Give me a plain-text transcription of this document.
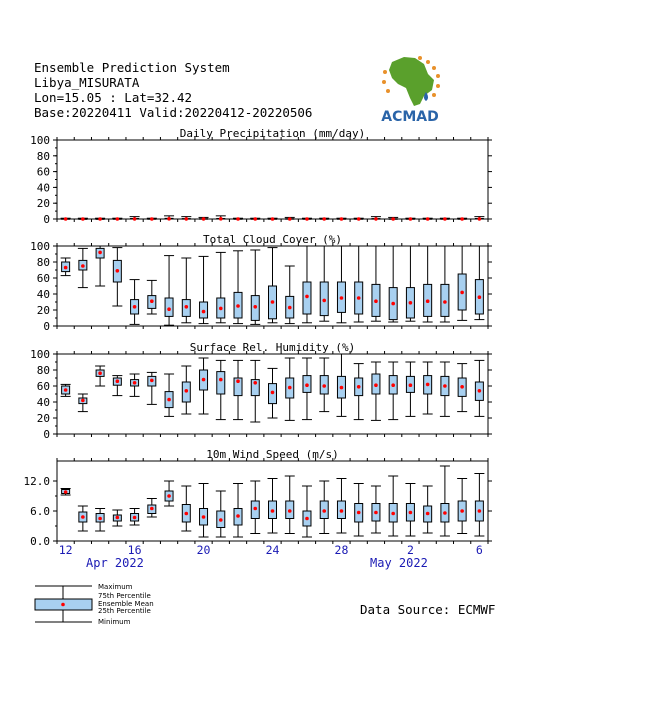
Ensemble Prediction System
Libya_MISURATA
Lon=15.05 : Lat=32.42
Base:20220411 Valid:20220412-20220506	ACMAD
Daily Precipitation (mm/day)
0
20
40
60
80
100
Total Cloud Cover (%)
0
20
40
60
80
100
Surface Rel. Humidity (%)
0
20
40
60
80
100
10m Wind Speed (m/s)
0.0
6.0
12.0
12	16	20	24	28	2	6
Apr 2022	May 2022
Maximum
75th Percentile
Ensemble Mean
25th Percentile
Minimum
Data Source: ECMWF
